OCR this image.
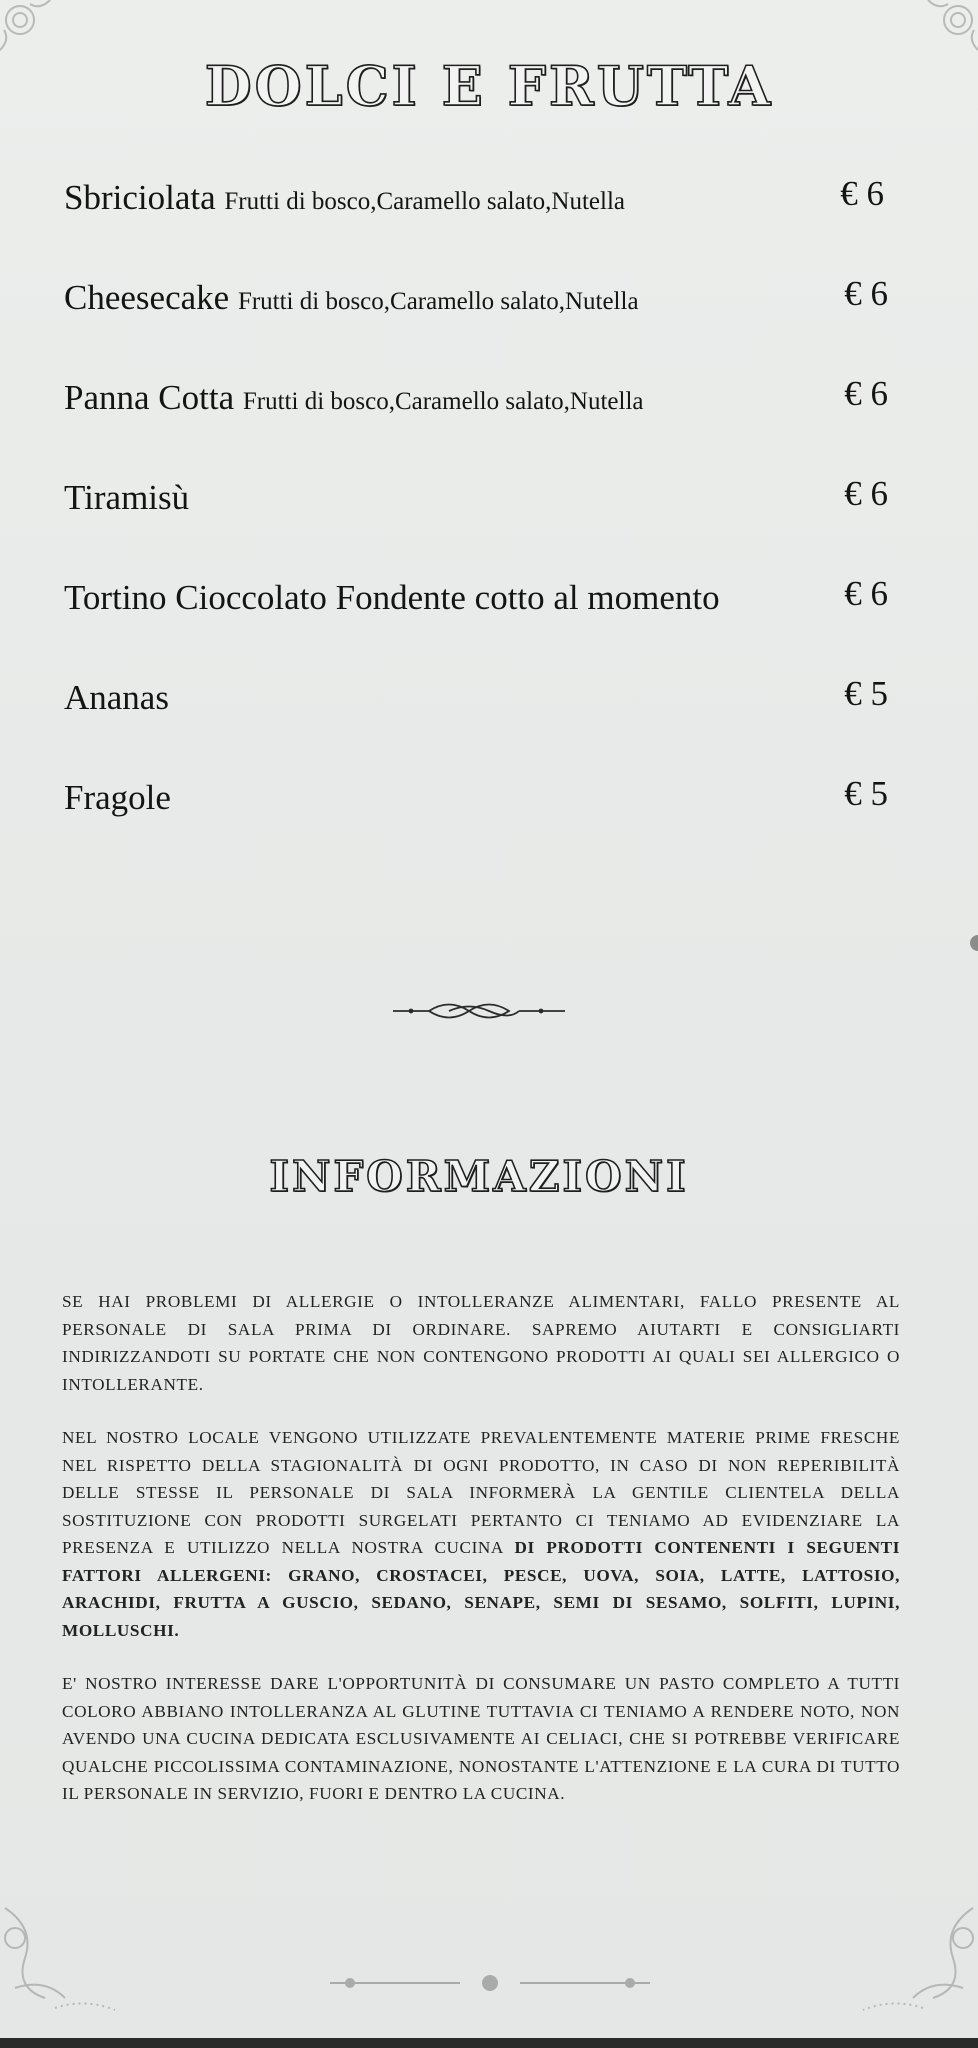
DOLCI E FRUTTA
Sbriciolata Frutti di bosco,Caramello salato,Nutella	€ 6
Cheesecake Frutti di bosco,Caramello salato,Nutella	€ 6
Panna Cotta Frutti di bosco,Caramello salato,Nutella	€ 6
Tiramisù	€ 6
Tortino Cioccolato Fondente cotto al momento	€ 6
Ananas	€ 5
Fragole	€ 5
INFORMAZIONI

SE HAI PROBLEMI DI ALLERGIE O INTOLLERANZE ALIMENTARI, FALLO PRESENTE AL PERSONALE DI SALA PRIMA DI ORDINARE. SAPREMO AIUTARTI E CONSIGLIARTI INDIRIZZANDOTI SU PORTATE CHE NON CONTENGONO PRODOTTI AI QUALI SEI ALLERGICO O INTOLLERANTE.

NEL NOSTRO LOCALE VENGONO UTILIZZATE PREVALENTEMENTE MATERIE PRIME FRESCHE NEL RISPETTO DELLA STAGIONALITÀ DI OGNI PRODOTTO, IN CASO DI NON REPERIBILITÀ DELLE STESSE IL PERSONALE DI SALA INFORMERÀ LA GENTILE CLIENTELA DELLA SOSTITUZIONE CON PRODOTTI SURGELATI PERTANTO CI TENIAMO AD EVIDENZIARE LA PRESENZA E UTILIZZO NELLA NOSTRA CUCINA DI PRODOTTI CONTENENTI I SEGUENTI FATTORI ALLERGENI: GRANO, CROSTACEI, PESCE, UOVA, SOIA, LATTE, LATTOSIO, ARACHIDI, FRUTTA A GUSCIO, SEDANO, SENAPE, SEMI DI SESAMO, SOLFITI, LUPINI, MOLLUSCHI.

E' NOSTRO INTERESSE DARE L'OPPORTUNITÀ DI CONSUMARE UN PASTO COMPLETO A TUTTI COLORO ABBIANO INTOLLERANZA AL GLUTINE TUTTAVIA CI TENIAMO A RENDERE NOTO, NON AVENDO UNA CUCINA DEDICATA ESCLUSIVAMENTE AI CELIACI, CHE SI POTREBBE VERIFICARE QUALCHE PICCOLISSIMA CONTAMINAZIONE, NONOSTANTE L'ATTENZIONE E LA CURA DI TUTTO IL PERSONALE IN SERVIZIO, FUORI E DENTRO LA CUCINA.
